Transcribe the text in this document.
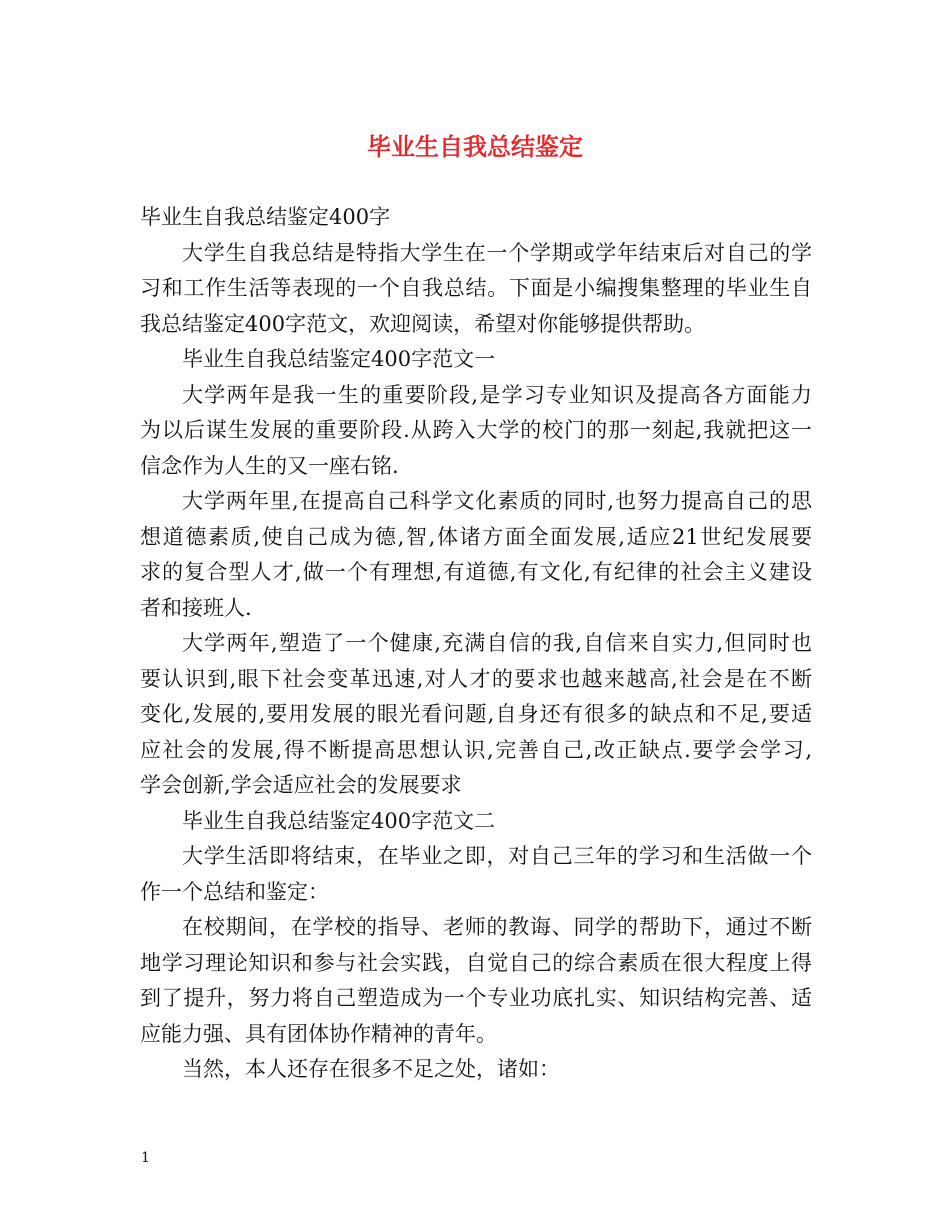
毕业生自我总结鉴定
毕业生自我总结鉴定400字
大学生自我总结是特指大学生在一个学期或学年结束后对自己的学
习和工作生活等表现的一个自我总结。下面是小编搜集整理的毕业生自
我总结鉴定400字范文，欢迎阅读，希望对你能够提供帮助。
毕业生自我总结鉴定400字范文一
大学两年是我一生的重要阶段,是学习专业知识及提高各方面能力
为以后谋生发展的重要阶段.从跨入大学的校门的那一刻起,我就把这一
信念作为人生的又一座右铭.
大学两年里,在提高自己科学文化素质的同时,也努力提高自己的思
想道德素质,使自己成为德,智,体诸方面全面发展,适应21世纪发展要
求的复合型人才,做一个有理想,有道德,有文化,有纪律的社会主义建设
者和接班人.
大学两年,塑造了一个健康,充满自信的我,自信来自实力,但同时也
要认识到,眼下社会变革迅速,对人才的要求也越来越高,社会是在不断
变化,发展的,要用发展的眼光看问题,自身还有很多的缺点和不足,要适
应社会的发展,得不断提高思想认识,完善自己,改正缺点.要学会学习,
学会创新,学会适应社会的发展要求
毕业生自我总结鉴定400字范文二
大学生活即将结束，在毕业之即，对自己三年的学习和生活做一个
作一个总结和鉴定：
在校期间，在学校的指导、老师的教诲、同学的帮助下，通过不断
地学习理论知识和参与社会实践，自觉自己的综合素质在很大程度上得
到了提升，努力将自己塑造成为一个专业功底扎实、知识结构完善、适
应能力强、具有团体协作精神的青年。
当然，本人还存在很多不足之处，诸如：
1
